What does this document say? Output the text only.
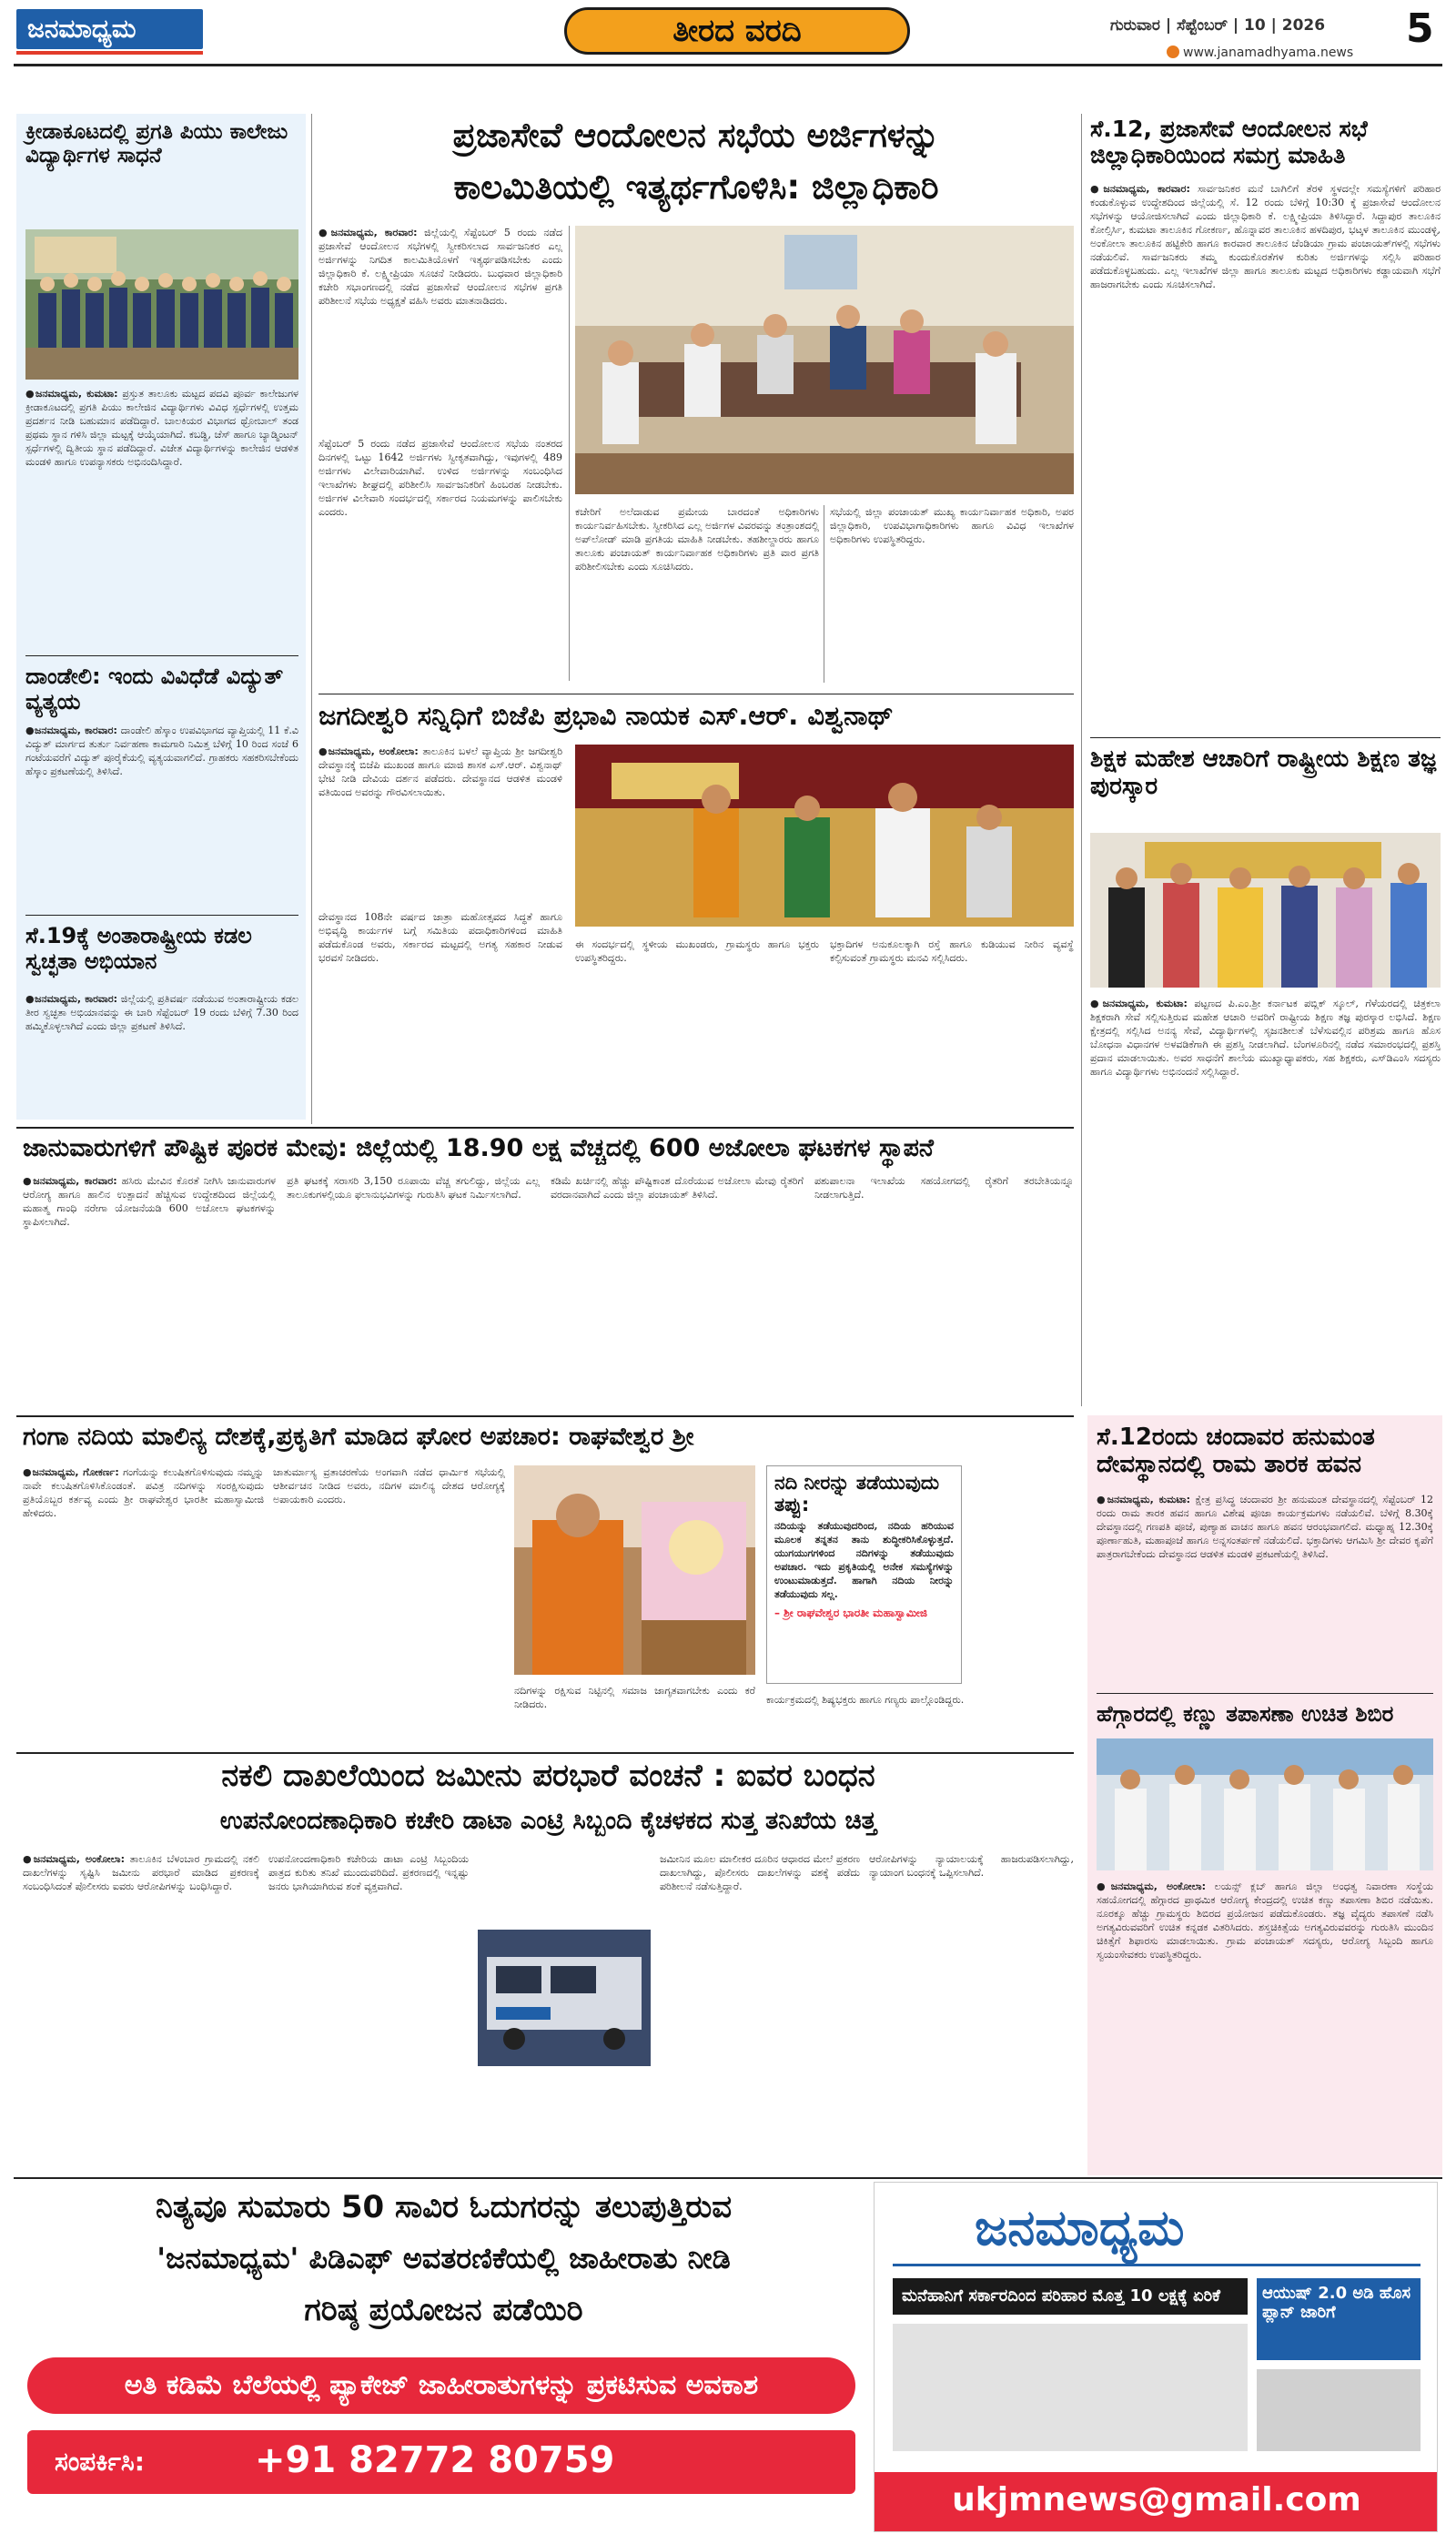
ಜನಮಾಧ್ಯಮ	ತೀರದ ವರದಿ	ಗುರುವಾರ | ಸೆಪ್ಟೆಂಬರ್ | 10 | 2026 5
www.janamadhyama.news
ಕ್ರೀಡಾಕೂಟದಲ್ಲಿ ಪ್ರಗತಿ ಪಿಯು ಕಾಲೇಜು ವಿದ್ಯಾರ್ಥಿಗಳ ಸಾಧನೆ
●ಜನಮಾಧ್ಯಮ, ಕುಮಟಾ: ಪ್ರಸ್ತುತ ತಾಲೂಕು ಮಟ್ಟದ ಪದವಿ ಪೂರ್ವ ಕಾಲೇಜುಗಳ ಕ್ರೀಡಾಕೂಟದಲ್ಲಿ ಪ್ರಗತಿ ಪಿಯು ಕಾಲೇಜಿನ ವಿದ್ಯಾರ್ಥಿಗಳು ವಿವಿಧ ಸ್ಪರ್ಧೆಗಳಲ್ಲಿ ಉತ್ತಮ ಪ್ರದರ್ಶನ ನೀಡಿ ಬಹುಮಾನ ಪಡೆದಿದ್ದಾರೆ. ಬಾಲಕಿಯರ ವಿಭಾಗದ ಥ್ರೋಬಾಲ್ ತಂಡ ಪ್ರಥಮ ಸ್ಥಾನ ಗಳಿಸಿ ಜಿಲ್ಲಾ ಮಟ್ಟಕ್ಕೆ ಆಯ್ಕೆಯಾಗಿದೆ. ಕಬಡ್ಡಿ, ಚೆಸ್ ಹಾಗೂ ಬ್ಯಾಡ್ಮಿಂಟನ್ ಸ್ಪರ್ಧೆಗಳಲ್ಲಿ ದ್ವಿತೀಯ ಸ್ಥಾನ ಪಡೆದಿದ್ದಾರೆ. ವಿಜೇತ ವಿದ್ಯಾರ್ಥಿಗಳನ್ನು ಕಾಲೇಜಿನ ಆಡಳಿತ ಮಂಡಳಿ ಹಾಗೂ ಉಪನ್ಯಾಸಕರು ಅಭಿನಂದಿಸಿದ್ದಾರೆ.
ದಾಂಡೇಲಿ: ಇಂದು ವಿವಿಧೆಡೆ ವಿದ್ಯುತ್ ವ್ಯತ್ಯಯ
●ಜನಮಾಧ್ಯಮ, ಕಾರವಾರ: ದಾಂಡೇಲಿ ಹೆಸ್ಕಾಂ ಉಪವಿಭಾಗದ ವ್ಯಾಪ್ತಿಯಲ್ಲಿ 11 ಕೆ.ವಿ ವಿದ್ಯುತ್ ಮಾರ್ಗದ ತುರ್ತು ನಿರ್ವಹಣಾ ಕಾಮಗಾರಿ ನಿಮಿತ್ತ ಬೆಳಿಗ್ಗೆ 10 ರಿಂದ ಸಂಜೆ 6 ಗಂಟೆಯವರೆಗೆ ವಿದ್ಯುತ್ ಪೂರೈಕೆಯಲ್ಲಿ ವ್ಯತ್ಯಯವಾಗಲಿದೆ. ಗ್ರಾಹಕರು ಸಹಕರಿಸಬೇಕೆಂದು ಹೆಸ್ಕಾಂ ಪ್ರಕಟಣೆಯಲ್ಲಿ ತಿಳಿಸಿದೆ.
ಸೆ.19ಕ್ಕೆ ಅಂತಾರಾಷ್ಟ್ರೀಯ ಕಡಲ ಸ್ವಚ್ಛತಾ ಅಭಿಯಾನ
●ಜನಮಾಧ್ಯಮ, ಕಾರವಾರ: ಜಿಲ್ಲೆಯಲ್ಲಿ ಪ್ರತಿವರ್ಷ ನಡೆಯುವ ಅಂತಾರಾಷ್ಟ್ರೀಯ ಕಡಲ ತೀರ ಸ್ವಚ್ಛತಾ ಅಭಿಯಾನವನ್ನು ಈ ಬಾರಿ ಸೆಪ್ಟೆಂಬರ್ 19 ರಂದು ಬೆಳಿಗ್ಗೆ 7.30 ರಿಂದ ಹಮ್ಮಿಕೊಳ್ಳಲಾಗಿದೆ ಎಂದು ಜಿಲ್ಲಾ ಪ್ರಕಟಣೆ ತಿಳಿಸಿದೆ.
ಪ್ರಜಾಸೇವೆ ಆಂದೋಲನ ಸಭೆಯ ಅರ್ಜಿಗಳನ್ನು
ಕಾಲಮಿತಿಯಲ್ಲಿ ಇತ್ಯರ್ಥಗೊಳಿಸಿ: ಜಿಲ್ಲಾಧಿಕಾರಿ
●ಜನಮಾಧ್ಯಮ, ಕಾರವಾರ: ಜಿಲ್ಲೆಯಲ್ಲಿ ಸೆಪ್ಟೆಂಬರ್ 5 ರಂದು ನಡೆದ ಪ್ರಜಾಸೇವೆ ಆಂದೋಲನ ಸಭೆಗಳಲ್ಲಿ ಸ್ವೀಕರಿಸಲಾದ ಸಾರ್ವಜನಿಕರ ಎಲ್ಲ ಅರ್ಜಿಗಳನ್ನು ನಿಗದಿತ ಕಾಲಮಿತಿಯೊಳಗೆ ಇತ್ಯರ್ಥಪಡಿಸಬೇಕು ಎಂದು ಜಿಲ್ಲಾಧಿಕಾರಿ ಕೆ. ಲಕ್ಷ್ಮೀಪ್ರಿಯಾ ಸೂಚನೆ ನೀಡಿದರು. ಬುಧವಾರ ಜಿಲ್ಲಾಧಿಕಾರಿ ಕಚೇರಿ ಸಭಾಂಗಣದಲ್ಲಿ ನಡೆದ ಪ್ರಜಾಸೇವೆ ಆಂದೋಲನ ಸಭೆಗಳ ಪ್ರಗತಿ ಪರಿಶೀಲನೆ ಸಭೆಯ ಅಧ್ಯಕ್ಷತೆ ವಹಿಸಿ ಅವರು ಮಾತನಾಡಿದರು.
ಸೆಪ್ಟೆಂಬರ್ 5 ರಂದು ನಡೆದ ಪ್ರಜಾಸೇವೆ ಆಂದೋಲನ ಸಭೆಯ ನಂತರದ ದಿನಗಳಲ್ಲಿ ಒಟ್ಟು 1642 ಅರ್ಜಿಗಳು ಸ್ವೀಕೃತವಾಗಿದ್ದು, ಇವುಗಳಲ್ಲಿ 489 ಅರ್ಜಿಗಳು ವಿಲೇವಾರಿಯಾಗಿವೆ. ಉಳಿದ ಅರ್ಜಿಗಳನ್ನು ಸಂಬಂಧಿಸಿದ ಇಲಾಖೆಗಳು ಶೀಘ್ರದಲ್ಲಿ ಪರಿಶೀಲಿಸಿ ಸಾರ್ವಜನಿಕರಿಗೆ ಹಿಂಬರಹ ನೀಡಬೇಕು. ಅರ್ಜಿಗಳ ವಿಲೇವಾರಿ ಸಂದರ್ಭದಲ್ಲಿ ಸರ್ಕಾರದ ನಿಯಮಗಳನ್ನು ಪಾಲಿಸಬೇಕು ಎಂದರು.	ಕಚೇರಿಗೆ ಅಲೆದಾಡುವ ಪ್ರಮೇಯ ಬಾರದಂತೆ ಅಧಿಕಾರಿಗಳು ಕಾರ್ಯನಿರ್ವಹಿಸಬೇಕು. ಸ್ವೀಕರಿಸಿದ ಎಲ್ಲ ಅರ್ಜಿಗಳ ವಿವರವನ್ನು ತಂತ್ರಾಂಶದಲ್ಲಿ ಅಪ್‌ಲೋಡ್ ಮಾಡಿ ಪ್ರಗತಿಯ ಮಾಹಿತಿ ನೀಡಬೇಕು. ತಹಶೀಲ್ದಾರರು ಹಾಗೂ ತಾಲೂಕು ಪಂಚಾಯತ್ ಕಾರ್ಯನಿರ್ವಾಹಕ ಅಧಿಕಾರಿಗಳು ಪ್ರತಿ ವಾರ ಪ್ರಗತಿ ಪರಿಶೀಲಿಸಬೇಕು ಎಂದು ಸೂಚಿಸಿದರು.
ಸಭೆಯಲ್ಲಿ ಜಿಲ್ಲಾ ಪಂಚಾಯತ್ ಮುಖ್ಯ ಕಾರ್ಯನಿರ್ವಾಹಕ ಅಧಿಕಾರಿ, ಅಪರ ಜಿಲ್ಲಾಧಿಕಾರಿ, ಉಪವಿಭಾಗಾಧಿಕಾರಿಗಳು ಹಾಗೂ ವಿವಿಧ ಇಲಾಖೆಗಳ ಅಧಿಕಾರಿಗಳು ಉಪಸ್ಥಿತರಿದ್ದರು.
ಜಗದೀಶ್ವರಿ ಸನ್ನಿಧಿಗೆ ಬಿಜೆಪಿ ಪ್ರಭಾವಿ ನಾಯಕ ಎಸ್.ಆರ್. ವಿಶ್ವನಾಥ್
●ಜನಮಾಧ್ಯಮ, ಅಂಕೋಲಾ: ತಾಲೂಕಿನ ಬಳಲೆ ವ್ಯಾಪ್ತಿಯ ಶ್ರೀ ಜಗದೀಶ್ವರಿ ದೇವಸ್ಥಾನಕ್ಕೆ ಬಿಜೆಪಿ ಮುಖಂಡ ಹಾಗೂ ಮಾಜಿ ಶಾಸಕ ಎಸ್.ಆರ್. ವಿಶ್ವನಾಥ್ ಭೇಟಿ ನೀಡಿ ದೇವಿಯ ದರ್ಶನ ಪಡೆದರು. ದೇವಸ್ಥಾನದ ಆಡಳಿತ ಮಂಡಳಿ ವತಿಯಿಂದ ಅವರನ್ನು ಗೌರವಿಸಲಾಯಿತು.
ದೇವಸ್ಥಾನದ 108ನೇ ವರ್ಷದ ಜಾತ್ರಾ ಮಹೋತ್ಸವದ ಸಿದ್ಧತೆ ಹಾಗೂ ಅಭಿವೃದ್ಧಿ ಕಾರ್ಯಗಳ ಬಗ್ಗೆ ಸಮಿತಿಯ ಪದಾಧಿಕಾರಿಗಳಿಂದ ಮಾಹಿತಿ ಪಡೆದುಕೊಂಡ ಅವರು, ಸರ್ಕಾರದ ಮಟ್ಟದಲ್ಲಿ ಅಗತ್ಯ ಸಹಕಾರ ನೀಡುವ ಭರವಸೆ ನೀಡಿದರು.
ಈ ಸಂದರ್ಭದಲ್ಲಿ ಸ್ಥಳೀಯ ಮುಖಂಡರು, ಗ್ರಾಮಸ್ಥರು ಹಾಗೂ ಭಕ್ತರು ಉಪಸ್ಥಿತರಿದ್ದರು.
ಭಕ್ತಾದಿಗಳ ಅನುಕೂಲಕ್ಕಾಗಿ ರಸ್ತೆ ಹಾಗೂ ಕುಡಿಯುವ ನೀರಿನ ವ್ಯವಸ್ಥೆ ಕಲ್ಪಿಸುವಂತೆ ಗ್ರಾಮಸ್ಥರು ಮನವಿ ಸಲ್ಲಿಸಿದರು.
ಜಾನುವಾರುಗಳಿಗೆ ಪೌಷ್ಟಿಕ ಪೂರಕ ಮೇವು: ಜಿಲ್ಲೆಯಲ್ಲಿ 18.90 ಲಕ್ಷ ವೆಚ್ಚದಲ್ಲಿ 600 ಅಜೋಲಾ ಘಟಕಗಳ ಸ್ಥಾಪನೆ
●ಜನಮಾಧ್ಯಮ, ಕಾರವಾರ: ಹಸಿರು ಮೇವಿನ ಕೊರತೆ ನೀಗಿಸಿ ಜಾನುವಾರುಗಳ ಆರೋಗ್ಯ ಹಾಗೂ ಹಾಲಿನ ಉತ್ಪಾದನೆ ಹೆಚ್ಚಿಸುವ ಉದ್ದೇಶದಿಂದ ಜಿಲ್ಲೆಯಲ್ಲಿ ಮಹಾತ್ಮ ಗಾಂಧಿ ನರೇಗಾ ಯೋಜನೆಯಡಿ 600 ಅಜೋಲಾ ಘಟಕಗಳನ್ನು ಸ್ಥಾಪಿಸಲಾಗಿದೆ.
ಪ್ರತಿ ಘಟಕಕ್ಕೆ ಸರಾಸರಿ 3,150 ರೂಪಾಯಿ ವೆಚ್ಚ ತಗುಲಿದ್ದು, ಜಿಲ್ಲೆಯ ಎಲ್ಲ ತಾಲೂಕುಗಳಲ್ಲಿಯೂ ಫಲಾನುಭವಿಗಳನ್ನು ಗುರುತಿಸಿ ಘಟಕ ನಿರ್ಮಿಸಲಾಗಿದೆ.
ಕಡಿಮೆ ಖರ್ಚಿನಲ್ಲಿ ಹೆಚ್ಚು ಪೌಷ್ಟಿಕಾಂಶ ದೊರೆಯುವ ಅಜೋಲಾ ಮೇವು ರೈತರಿಗೆ ವರದಾನವಾಗಿದೆ ಎಂದು ಜಿಲ್ಲಾ ಪಂಚಾಯತ್ ತಿಳಿಸಿದೆ.
ಪಶುಪಾಲನಾ ಇಲಾಖೆಯ ಸಹಯೋಗದಲ್ಲಿ ರೈತರಿಗೆ ತರಬೇತಿಯನ್ನೂ ನೀಡಲಾಗುತ್ತಿದೆ.
ಗಂಗಾ ನದಿಯ ಮಾಲಿನ್ಯ ದೇಶಕ್ಕೆ,ಪ್ರಕೃತಿಗೆ ಮಾಡಿದ ಘೋರ ಅಪಚಾರ: ರಾಘವೇಶ್ವರ ಶ್ರೀ
●ಜನಮಾಧ್ಯಮ, ಗೋಕರ್ಣ: ಗಂಗೆಯನ್ನು ಕಲುಷಿತಗೊಳಿಸುವುದು ನಮ್ಮನ್ನು ನಾವೇ ಕಲುಷಿತಗೊಳಿಸಿಕೊಂಡಂತೆ. ಪವಿತ್ರ ನದಿಗಳನ್ನು ಸಂರಕ್ಷಿಸುವುದು ಪ್ರತಿಯೊಬ್ಬರ ಕರ್ತವ್ಯ ಎಂದು ಶ್ರೀ ರಾಘವೇಶ್ವರ ಭಾರತೀ ಮಹಾಸ್ವಾಮೀಜಿ ಹೇಳಿದರು.
ಚಾತುರ್ಮಾಸ್ಯ ವ್ರತಾಚರಣೆಯ ಅಂಗವಾಗಿ ನಡೆದ ಧಾರ್ಮಿಕ ಸಭೆಯಲ್ಲಿ ಆಶೀರ್ವಚನ ನೀಡಿದ ಅವರು, ನದಿಗಳ ಮಾಲಿನ್ಯ ದೇಶದ ಆರೋಗ್ಯಕ್ಕೆ ಅಪಾಯಕಾರಿ ಎಂದರು.
ನದಿಗಳನ್ನು ರಕ್ಷಿಸುವ ನಿಟ್ಟಿನಲ್ಲಿ ಸಮಾಜ ಜಾಗೃತವಾಗಬೇಕು ಎಂದು ಕರೆ ನೀಡಿದರು.
ನದಿ ನೀರನ್ನು ತಡೆಯುವುದು ತಪ್ಪು:
ನದಿಯನ್ನು ತಡೆಯುವುದರಿಂದ, ನದಿಯ ಹರಿಯುವ ಮೂಲಕ ತನ್ನತನ ತಾನು ಶುದ್ಧೀಕರಿಸಿಕೊಳ್ಳುತ್ತದೆ. ಯುಗಯುಗಗಳಿಂದ ನದಿಗಳನ್ನು ತಡೆಯುವುದು ಅಪಚಾರ. ಇದು ಪ್ರಕೃತಿಯಲ್ಲಿ ಅನೇಕ ಸಮಸ್ಯೆಗಳನ್ನು ಉಂಟುಮಾಡುತ್ತದೆ. ಹಾಗಾಗಿ ನದಿಯ ನೀರನ್ನು ತಡೆಯುವುದು ಸಲ್ಲ.
– ಶ್ರೀ ರಾಘವೇಶ್ವರ ಭಾರತೀ ಮಹಾಸ್ವಾಮೀಜಿ
ಕಾರ್ಯಕ್ರಮದಲ್ಲಿ ಶಿಷ್ಯಭಕ್ತರು ಹಾಗೂ ಗಣ್ಯರು ಪಾಲ್ಗೊಂಡಿದ್ದರು.
ನಕಲಿ ದಾಖಲೆಯಿಂದ ಜಮೀನು ಪರಭಾರೆ ವಂಚನೆ : ಐವರ ಬಂಧನ
ಉಪನೋಂದಣಾಧಿಕಾರಿ ಕಚೇರಿ ಡಾಟಾ ಎಂಟ್ರಿ ಸಿಬ್ಬಂದಿ ಕೈಚಳಕದ ಸುತ್ತ ತನಿಖೆಯ ಚಿತ್ತ
●ಜನಮಾಧ್ಯಮ, ಅಂಕೋಲಾ: ತಾಲೂಕಿನ ಬೆಳಂಬಾರ ಗ್ರಾಮದಲ್ಲಿ ನಕಲಿ ದಾಖಲೆಗಳನ್ನು ಸೃಷ್ಟಿಸಿ ಜಮೀನು ಪರಭಾರೆ ಮಾಡಿದ ಪ್ರಕರಣಕ್ಕೆ ಸಂಬಂಧಿಸಿದಂತೆ ಪೊಲೀಸರು ಐವರು ಆರೋಪಿಗಳನ್ನು ಬಂಧಿಸಿದ್ದಾರೆ.
ಉಪನೋಂದಣಾಧಿಕಾರಿ ಕಚೇರಿಯ ಡಾಟಾ ಎಂಟ್ರಿ ಸಿಬ್ಬಂದಿಯ ಪಾತ್ರದ ಕುರಿತು ತನಿಖೆ ಮುಂದುವರಿದಿದೆ. ಪ್ರಕರಣದಲ್ಲಿ ಇನ್ನಷ್ಟು ಜನರು ಭಾಗಿಯಾಗಿರುವ ಶಂಕೆ ವ್ಯಕ್ತವಾಗಿದೆ.
ಜಮೀನಿನ ಮೂಲ ಮಾಲೀಕರ ದೂರಿನ ಆಧಾರದ ಮೇಲೆ ಪ್ರಕರಣ ದಾಖಲಾಗಿದ್ದು, ಪೊಲೀಸರು ದಾಖಲೆಗಳನ್ನು ವಶಕ್ಕೆ ಪಡೆದು ಪರಿಶೀಲನೆ ನಡೆಸುತ್ತಿದ್ದಾರೆ.
ಆರೋಪಿಗಳನ್ನು ನ್ಯಾಯಾಲಯಕ್ಕೆ ಹಾಜರುಪಡಿಸಲಾಗಿದ್ದು, ನ್ಯಾಯಾಂಗ ಬಂಧನಕ್ಕೆ ಒಪ್ಪಿಸಲಾಗಿದೆ.
ಸೆ.12, ಪ್ರಜಾಸೇವೆ ಆಂದೋಲನ ಸಭೆ ಜಿಲ್ಲಾಧಿಕಾರಿಯಿಂದ ಸಮಗ್ರ ಮಾಹಿತಿ
●ಜನಮಾಧ್ಯಮ, ಕಾರವಾರ: ಸಾರ್ವಜನಿಕರ ಮನೆ ಬಾಗಿಲಿಗೆ ತೆರಳಿ ಸ್ಥಳದಲ್ಲೇ ಸಮಸ್ಯೆಗಳಿಗೆ ಪರಿಹಾರ ಕಂಡುಕೊಳ್ಳುವ ಉದ್ದೇಶದಿಂದ ಜಿಲ್ಲೆಯಲ್ಲಿ ಸೆ. 12 ರಂದು ಬೆಳಿಗ್ಗೆ 10:30 ಕ್ಕೆ ಪ್ರಜಾಸೇವೆ ಆಂದೋಲನ ಸಭೆಗಳನ್ನು ಆಯೋಜಿಸಲಾಗಿದೆ ಎಂದು ಜಿಲ್ಲಾಧಿಕಾರಿ ಕೆ. ಲಕ್ಷ್ಮೀಪ್ರಿಯಾ ತಿಳಿಸಿದ್ದಾರೆ. ಸಿದ್ದಾಪುರ ತಾಲೂಕಿನ ಕೋಲ್ಸಿರ್ಸಿ, ಕುಮಟಾ ತಾಲೂಕಿನ ಗೋಕರ್ಣ, ಹೊನ್ನಾವರ ತಾಲೂಕಿನ ಹಳದಿಪುರ, ಭಟ್ಕಳ ತಾಲೂಕಿನ ಮುಂಡಳ್ಳಿ, ಅಂಕೋಲಾ ತಾಲೂಕಿನ ಹಟ್ಟಿಕೇರಿ ಹಾಗೂ ಕಾರವಾರ ತಾಲೂಕಿನ ಚೆಂಡಿಯಾ ಗ್ರಾಮ ಪಂಚಾಯತ್‌ಗಳಲ್ಲಿ ಸಭೆಗಳು ನಡೆಯಲಿವೆ. ಸಾರ್ವಜನಿಕರು ತಮ್ಮ ಕುಂದುಕೊರತೆಗಳ ಕುರಿತು ಅರ್ಜಿಗಳನ್ನು ಸಲ್ಲಿಸಿ ಪರಿಹಾರ ಪಡೆದುಕೊಳ್ಳಬಹುದು. ಎಲ್ಲ ಇಲಾಖೆಗಳ ಜಿಲ್ಲಾ ಹಾಗೂ ತಾಲೂಕು ಮಟ್ಟದ ಅಧಿಕಾರಿಗಳು ಕಡ್ಡಾಯವಾಗಿ ಸಭೆಗೆ ಹಾಜರಾಗಬೇಕು ಎಂದು ಸೂಚಿಸಲಾಗಿದೆ.
ಶಿಕ್ಷಕ ಮಹೇಶ ಆಚಾರಿಗೆ ರಾಷ್ಟ್ರೀಯ ಶಿಕ್ಷಣ ತಜ್ಞ ಪುರಸ್ಕಾರ
●ಜನಮಾಧ್ಯಮ, ಕುಮಟಾ: ಪಟ್ಟಣದ ಪಿ.ಎಂ.ಶ್ರೀ ಕರ್ನಾಟಕ ಪಬ್ಲಿಕ್ ಸ್ಕೂಲ್, ಗೆಳೆಯರದಲ್ಲಿ ಚಿತ್ರಕಲಾ ಶಿಕ್ಷಕರಾಗಿ ಸೇವೆ ಸಲ್ಲಿಸುತ್ತಿರುವ ಮಹೇಶ ಆಚಾರಿ ಅವರಿಗೆ ರಾಷ್ಟ್ರೀಯ ಶಿಕ್ಷಣ ತಜ್ಞ ಪುರಸ್ಕಾರ ಲಭಿಸಿದೆ. ಶಿಕ್ಷಣ ಕ್ಷೇತ್ರದಲ್ಲಿ ಸಲ್ಲಿಸಿದ ಅನನ್ಯ ಸೇವೆ, ವಿದ್ಯಾರ್ಥಿಗಳಲ್ಲಿ ಸೃಜನಶೀಲತೆ ಬೆಳೆಸುವಲ್ಲಿನ ಪರಿಶ್ರಮ ಹಾಗೂ ಹೊಸ ಬೋಧನಾ ವಿಧಾನಗಳ ಅಳವಡಿಕೆಗಾಗಿ ಈ ಪ್ರಶಸ್ತಿ ನೀಡಲಾಗಿದೆ. ಬೆಂಗಳೂರಿನಲ್ಲಿ ನಡೆದ ಸಮಾರಂಭದಲ್ಲಿ ಪ್ರಶಸ್ತಿ ಪ್ರದಾನ ಮಾಡಲಾಯಿತು. ಅವರ ಸಾಧನೆಗೆ ಶಾಲೆಯ ಮುಖ್ಯಾಧ್ಯಾಪಕರು, ಸಹ ಶಿಕ್ಷಕರು, ಎಸ್‌ಡಿಎಂಸಿ ಸದಸ್ಯರು ಹಾಗೂ ವಿದ್ಯಾರ್ಥಿಗಳು ಅಭಿನಂದನೆ ಸಲ್ಲಿಸಿದ್ದಾರೆ.
ಸೆ.12ರಂದು ಚಂದಾವರ ಹನುಮಂತ ದೇವಸ್ಥಾನದಲ್ಲಿ ರಾಮ ತಾರಕ ಹವನ
●ಜನಮಾಧ್ಯಮ, ಕುಮಟಾ: ಕ್ಷೇತ್ರ ಪ್ರಸಿದ್ಧ ಚಂದಾವರ ಶ್ರೀ ಹನುಮಂತ ದೇವಸ್ಥಾನದಲ್ಲಿ ಸೆಪ್ಟೆಂಬರ್ 12 ರಂದು ರಾಮ ತಾರಕ ಹವನ ಹಾಗೂ ವಿಶೇಷ ಪೂಜಾ ಕಾರ್ಯಕ್ರಮಗಳು ನಡೆಯಲಿವೆ. ಬೆಳಿಗ್ಗೆ 8.30ಕ್ಕೆ ದೇವಸ್ಥಾನದಲ್ಲಿ ಗಣಪತಿ ಪೂಜೆ, ಪುಣ್ಯಾಹ ವಾಚನ ಹಾಗೂ ಹವನ ಆರಂಭವಾಗಲಿದೆ. ಮಧ್ಯಾಹ್ನ 12.30ಕ್ಕೆ ಪೂರ್ಣಾಹುತಿ, ಮಹಾಪೂಜೆ ಹಾಗೂ ಅನ್ನಸಂತರ್ಪಣೆ ನಡೆಯಲಿದೆ. ಭಕ್ತಾದಿಗಳು ಆಗಮಿಸಿ ಶ್ರೀ ದೇವರ ಕೃಪೆಗೆ ಪಾತ್ರರಾಗಬೇಕೆಂದು ದೇವಸ್ಥಾನದ ಆಡಳಿತ ಮಂಡಳಿ ಪ್ರಕಟಣೆಯಲ್ಲಿ ತಿಳಿಸಿದೆ.
ಹೆಗ್ಗಾರದಲ್ಲಿ ಕಣ್ಣು ತಪಾಸಣಾ ಉಚಿತ ಶಿಬಿರ
●ಜನಮಾಧ್ಯಮ, ಅಂಕೋಲಾ: ಲಯನ್ಸ್ ಕ್ಲಬ್ ಹಾಗೂ ಜಿಲ್ಲಾ ಅಂಧತ್ವ ನಿವಾರಣಾ ಸಂಸ್ಥೆಯ ಸಹಯೋಗದಲ್ಲಿ ಹೆಗ್ಗಾರದ ಪ್ರಾಥಮಿಕ ಆರೋಗ್ಯ ಕೇಂದ್ರದಲ್ಲಿ ಉಚಿತ ಕಣ್ಣು ತಪಾಸಣಾ ಶಿಬಿರ ನಡೆಯಿತು. ನೂರಕ್ಕೂ ಹೆಚ್ಚು ಗ್ರಾಮಸ್ಥರು ಶಿಬಿರದ ಪ್ರಯೋಜನ ಪಡೆದುಕೊಂಡರು. ತಜ್ಞ ವೈದ್ಯರು ತಪಾಸಣೆ ನಡೆಸಿ ಅಗತ್ಯವಿರುವವರಿಗೆ ಉಚಿತ ಕನ್ನಡಕ ವಿತರಿಸಿದರು. ಶಸ್ತ್ರಚಿಕಿತ್ಸೆಯ ಅಗತ್ಯವಿರುವವರನ್ನು ಗುರುತಿಸಿ ಮುಂದಿನ ಚಿಕಿತ್ಸೆಗೆ ಶಿಫಾರಸು ಮಾಡಲಾಯಿತು. ಗ್ರಾಮ ಪಂಚಾಯತ್ ಸದಸ್ಯರು, ಆರೋಗ್ಯ ಸಿಬ್ಬಂದಿ ಹಾಗೂ ಸ್ವಯಂಸೇವಕರು ಉಪಸ್ಥಿತರಿದ್ದರು.
ನಿತ್ಯವೂ ಸುಮಾರು 50 ಸಾವಿರ ಓದುಗರನ್ನು ತಲುಪುತ್ತಿರುವ
'ಜನಮಾಧ್ಯಮ' ಪಿಡಿಎಫ್ ಅವತರಣಿಕೆಯಲ್ಲಿ ಜಾಹೀರಾತು ನೀಡಿ
ಗರಿಷ್ಠ ಪ್ರಯೋಜನ ಪಡೆಯಿರಿ
ಅತಿ ಕಡಿಮೆ ಬೆಲೆಯಲ್ಲಿ ಪ್ಯಾಕೇಜ್ ಜಾಹೀರಾತುಗಳನ್ನು ಪ್ರಕಟಿಸುವ ಅವಕಾಶ
ಸಂಪರ್ಕಿಸಿ:	+91 82772 80759
ಜನಮಾಧ್ಯಮ
ಮನೆಹಾನಿಗೆ ಸರ್ಕಾರದಿಂದ ಪರಿಹಾರ ಮೊತ್ತ 10 ಲಕ್ಷಕ್ಕೆ ಏರಿಕೆ	ಆಯುಷ್ 2.0 ಅಡಿ ಹೊಸ ಪ್ಲಾನ್ ಜಾರಿಗೆ
ukjmnews@gmail.com
